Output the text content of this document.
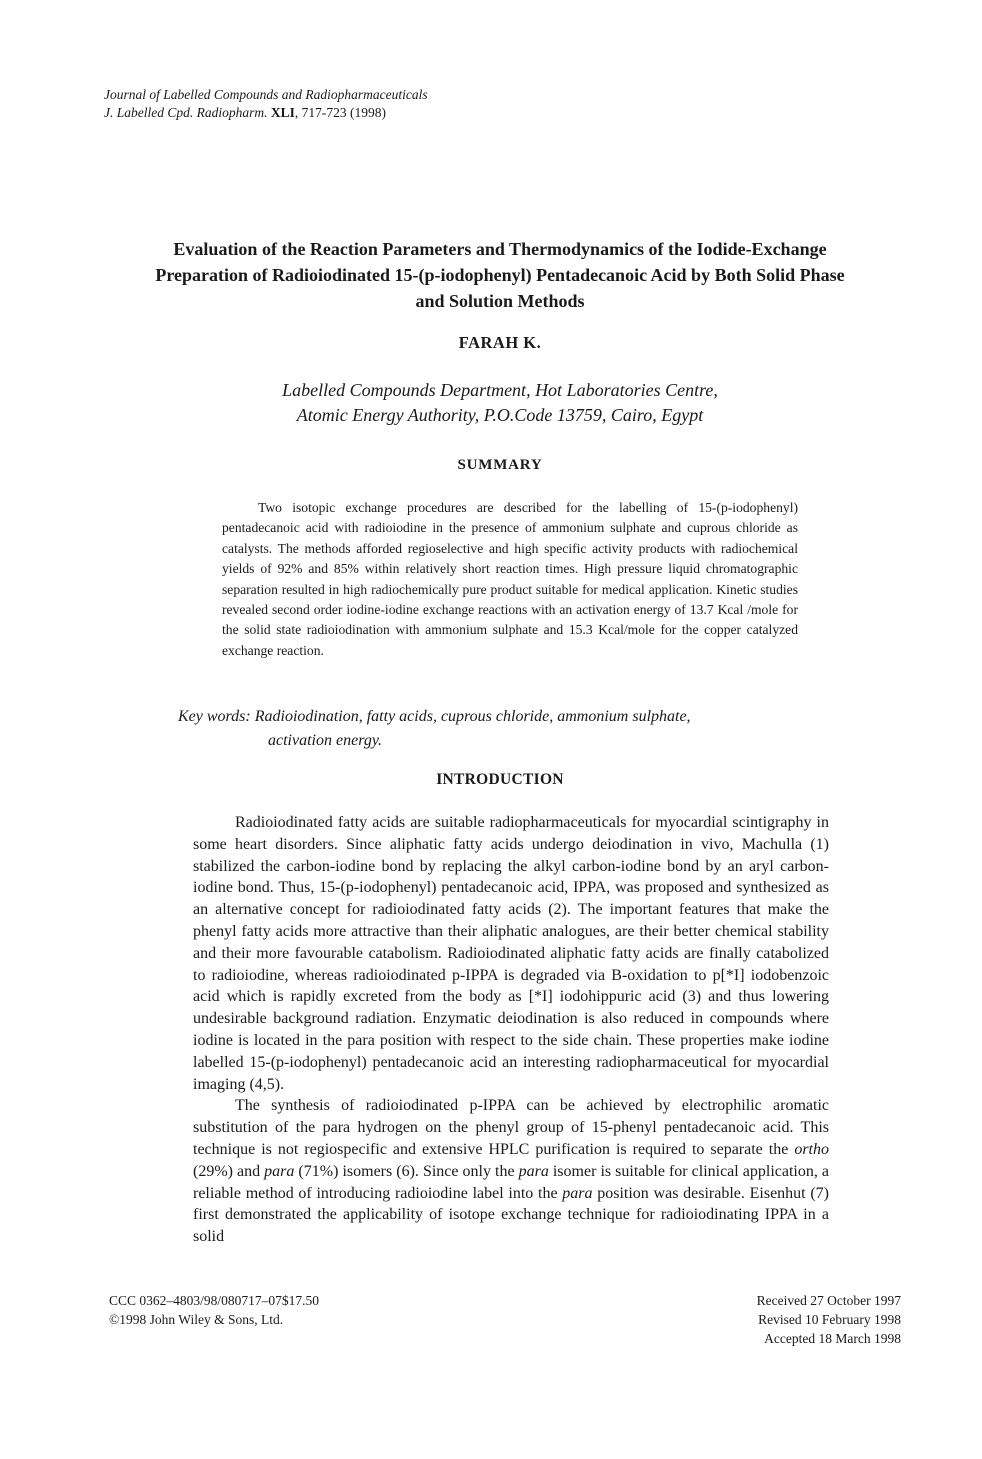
Journal of Labelled Compounds and Radiopharmaceuticals
J. Labelled Cpd. Radiopharm. XLI, 717-723 (1998)
Evaluation of the Reaction Parameters and Thermodynamics of the Iodide-Exchange Preparation of Radioiodinated 15-(p-iodophenyl) Pentadecanoic Acid by Both Solid Phase and Solution Methods
FARAH K.
Labelled Compounds Department, Hot Laboratories Centre,
Atomic Energy Authority, P.O.Code 13759, Cairo, Egypt
SUMMARY
Two isotopic exchange procedures are described for the labelling of 15-(p-iodophenyl) pentadecanoic acid with radioiodine in the presence of ammonium sulphate and cuprous chloride as catalysts. The methods afforded regioselective and high specific activity products with radiochemical yields of 92% and 85% within relatively short reaction times. High pressure liquid chromatographic separation resulted in high radiochemically pure product suitable for medical application. Kinetic studies revealed second order iodine-iodine exchange reactions with an activation energy of 13.7 Kcal /mole for the solid state radioiodination with ammonium sulphate and 15.3 Kcal/mole for the copper catalyzed exchange reaction.
Key words: Radioiodination, fatty acids, cuprous chloride, ammonium sulphate,
activation energy.
INTRODUCTION

Radioiodinated fatty acids are suitable radiopharmaceuticals for myocardial scintigraphy in some heart disorders. Since aliphatic fatty acids undergo deiodination in vivo, Machulla (1) stabilized the carbon-iodine bond by replacing the alkyl carbon-iodine bond by an aryl carbon-iodine bond. Thus, 15-(p-iodophenyl) pentadecanoic acid, IPPA, was proposed and synthesized as an alternative concept for radioiodinated fatty acids (2). The important features that make the phenyl fatty acids more attractive than their aliphatic analogues, are their better chemical stability and their more favourable catabolism. Radioiodinated aliphatic fatty acids are finally catabolized to radioiodine, whereas radioiodinated p-IPPA is degraded via B-oxidation to p[*I] iodobenzoic acid which is rapidly excreted from the body as [*I] iodohippuric acid (3) and thus lowering undesirable background radiation. Enzymatic deiodination is also reduced in compounds where iodine is located in the para position with respect to the side chain. These properties make iodine labelled 15-(p-iodophenyl) pentadecanoic acid an interesting radiopharmaceutical for myocardial imaging (4,5).

The synthesis of radioiodinated p-IPPA can be achieved by electrophilic aromatic substitution of the para hydrogen on the phenyl group of 15-phenyl pentadecanoic acid. This technique is not regiospecific and extensive HPLC purification is required to separate the ortho (29%) and para (71%) isomers (6). Since only the para isomer is suitable for clinical application, a reliable method of introducing radioiodine label into the para position was desirable. Eisenhut (7) first demonstrated the applicability of isotope exchange technique for radioiodinating IPPA in a solid

CCC 0362–4803/98/080717–07$17.50
©1998 John Wiley & Sons, Ltd.
Received 27 October 1997
Revised 10 February 1998
Accepted 18 March 1998
